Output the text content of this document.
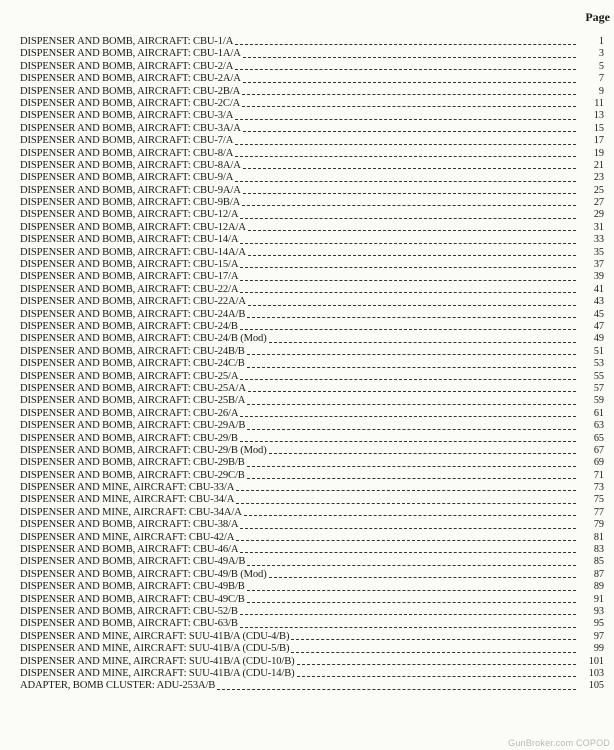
Page
DISPENSER AND BOMB, AIRCRAFT: CBU-1/A	1
DISPENSER AND BOMB, AIRCRAFT: CBU-1A/A	3
DISPENSER AND BOMB, AIRCRAFT: CBU-2/A	5
DISPENSER AND BOMB, AIRCRAFT: CBU-2A/A	7
DISPENSER AND BOMB, AIRCRAFT: CBU-2B/A	9
DISPENSER AND BOMB, AIRCRAFT: CBU-2C/A	11
DISPENSER AND BOMB, AIRCRAFT: CBU-3/A	13
DISPENSER AND BOMB, AIRCRAFT: CBU-3A/A	15
DISPENSER AND BOMB, AIRCRAFT: CBU-7/A	17
DISPENSER AND BOMB, AIRCRAFT: CBU-8/A	19
DISPENSER AND BOMB, AIRCRAFT: CBU-8A/A	21
DISPENSER AND BOMB, AIRCRAFT: CBU-9/A	23
DISPENSER AND BOMB, AIRCRAFT: CBU-9A/A	25
DISPENSER AND BOMB, AIRCRAFT: CBU-9B/A	27
DISPENSER AND BOMB, AIRCRAFT: CBU-12/A	29
DISPENSER AND BOMB, AIRCRAFT: CBU-12A/A	31
DISPENSER AND BOMB, AIRCRAFT: CBU-14/A	33
DISPENSER AND BOMB, AIRCRAFT: CBU-14A/A	35
DISPENSER AND BOMB, AIRCRAFT: CBU-15/A	37
DISPENSER AND BOMB, AIRCRAFT: CBU-17/A	39
DISPENSER AND BOMB, AIRCRAFT: CBU-22/A	41
DISPENSER AND BOMB, AIRCRAFT: CBU-22A/A	43
DISPENSER AND BOMB, AIRCRAFT: CBU-24A/B	45
DISPENSER AND BOMB, AIRCRAFT: CBU-24/B	47
DISPENSER AND BOMB, AIRCRAFT: CBU-24/B (Mod)	49
DISPENSER AND BOMB, AIRCRAFT: CBU-24B/B	51
DISPENSER AND BOMB, AIRCRAFT: CBU-24C/B	53
DISPENSER AND BOMB, AIRCRAFT: CBU-25/A	55
DISPENSER AND BOMB, AIRCRAFT: CBU-25A/A	57
DISPENSER AND BOMB, AIRCRAFT: CBU-25B/A	59
DISPENSER AND BOMB, AIRCRAFT: CBU-26/A	61
DISPENSER AND BOMB, AIRCRAFT: CBU-29A/B	63
DISPENSER AND BOMB, AIRCRAFT: CBU-29/B	65
DISPENSER AND BOMB, AIRCRAFT: CBU-29/B (Mod)	67
DISPENSER AND BOMB, AIRCRAFT: CBU-29B/B	69
DISPENSER AND BOMB, AIRCRAFT: CBU-29C/B	71
DISPENSER AND MINE, AIRCRAFT: CBU-33/A	73
DISPENSER AND MINE, AIRCRAFT: CBU-34/A	75
DISPENSER AND MINE, AIRCRAFT: CBU-34A/A	77
DISPENSER AND BOMB, AIRCRAFT: CBU-38/A	79
DISPENSER AND MINE, AIRCRAFT: CBU-42/A	81
DISPENSER AND BOMB, AIRCRAFT: CBU-46/A	83
DISPENSER AND BOMB, AIRCRAFT: CBU-49A/B	85
DISPENSER AND BOMB, AIRCRAFT: CBU-49/B (Mod)	87
DISPENSER AND BOMB, AIRCRAFT: CBU-49B/B	89
DISPENSER AND BOMB, AIRCRAFT: CBU-49C/B	91
DISPENSER AND BOMB, AIRCRAFT: CBU-52/B	93
DISPENSER AND BOMB, AIRCRAFT: CBU-63/B	95
DISPENSER AND MINE, AIRCRAFT: SUU-41B/A (CDU-4/B)	97
DISPENSER AND MINE, AIRCRAFT: SUU-41B/A (CDU-5/B)	99
DISPENSER AND MINE, AIRCRAFT: SUU-41B/A (CDU-10/B)	101
DISPENSER AND MINE, AIRCRAFT: SUU-41B/A (CDU-14/B)	103
ADAPTER, BOMB CLUSTER: ADU-253A/B	105
GunBroker.com COPOD
